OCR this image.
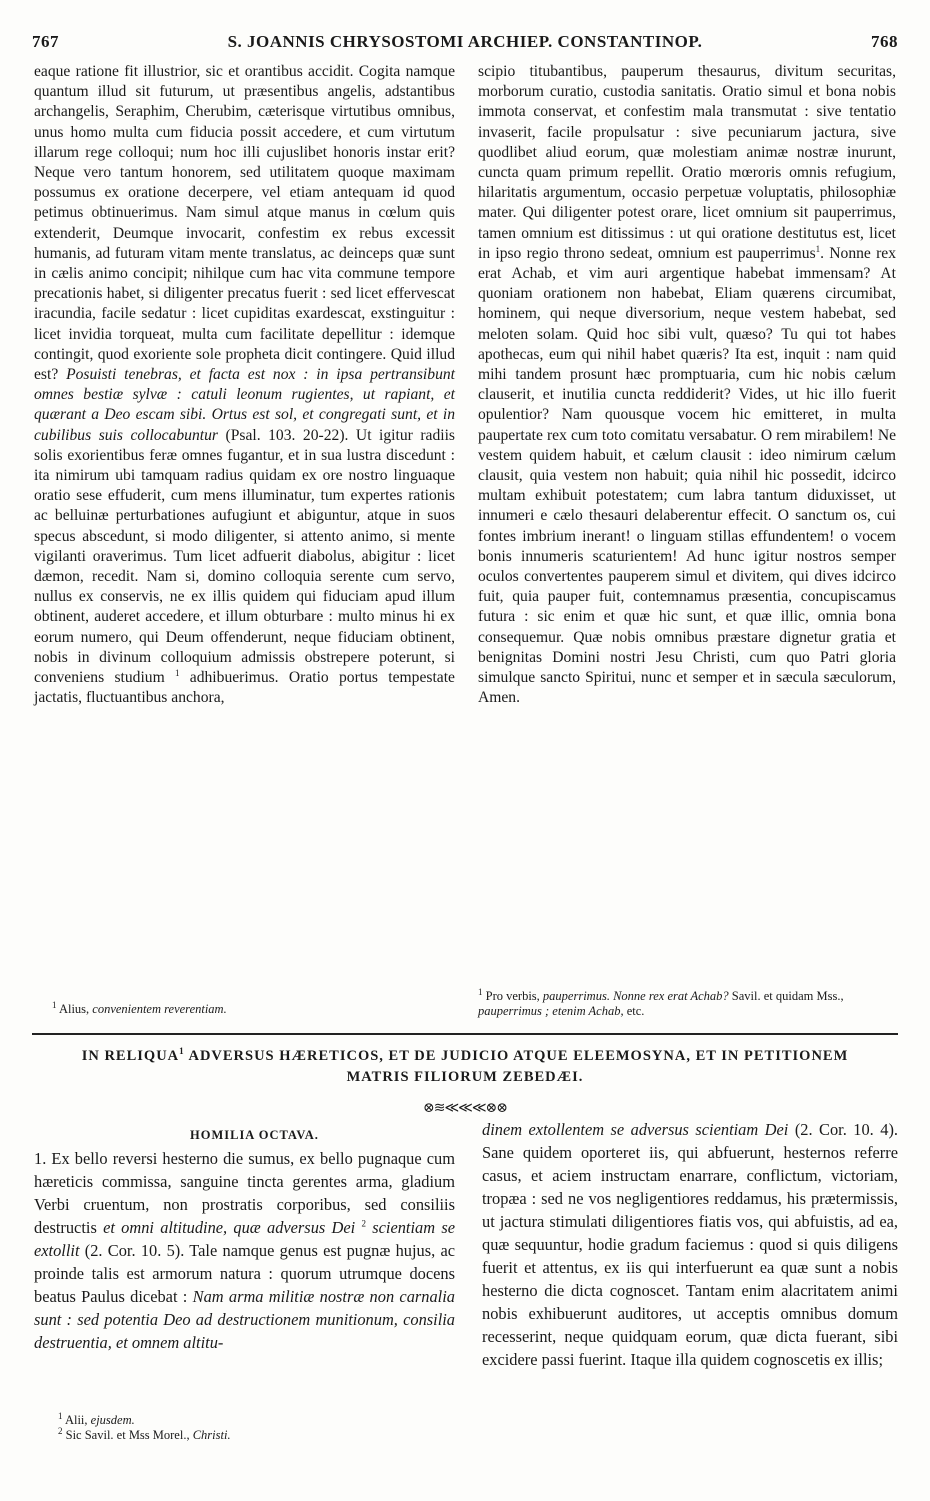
767	S. JOANNIS CHRYSOSTOMI ARCHIEP. CONSTANTINOP.	768

eaque ratione fit illustrior, sic et orantibus accidit. Cogita namque quantum illud sit futurum, ut præsentibus angelis, adstantibus archangelis, Seraphim, Cherubim, cæterisque virtutibus omnibus, unus homo multa cum fiducia possit accedere, et cum virtutum illarum rege colloqui; num hoc illi cujuslibet honoris instar erit? Neque vero tantum honorem, sed utilitatem quoque maximam possumus ex oratione decerpere, vel etiam antequam id quod petimus obtinuerimus. Nam simul atque manus in cœlum quis extenderit, Deumque invocarit, confestim ex rebus excessit humanis, ad futuram vitam mente translatus, ac deinceps quæ sunt in cælis animo concipit; nihilque cum hac vita commune tempore precationis habet, si diligenter precatus fuerit : sed licet effervescat iracundia, facile sedatur : licet cupiditas exardescat, exstinguitur : licet invidia torqueat, multa cum facilitate depellitur : idemque contingit, quod exoriente sole propheta dicit contingere. Quid illud est? Posuisti tenebras, et facta est nox : in ipsa pertransibunt omnes bestiæ sylvæ : catuli leonum rugientes, ut rapiant, et quærant a Deo escam sibi. Ortus est sol, et congregati sunt, et in cubilibus suis collocabuntur (Psal. 103. 20-22). Ut igitur radiis solis exorientibus feræ omnes fugantur, et in sua lustra discedunt : ita nimirum ubi tamquam radius quidam ex ore nostro linguaque oratio sese effuderit, cum mens illuminatur, tum expertes rationis ac belluinæ perturbationes aufugiunt et abiguntur, atque in suos specus abscedunt, si modo diligenter, si attento animo, si mente vigilanti oraverimus. Tum licet adfuerit diabolus, abigitur : licet dæmon, recedit. Nam si, domino colloquia serente cum servo, nullus ex conservis, ne ex illis quidem qui fiduciam apud illum obtinent, auderet accedere, et illum obturbare : multo minus hi ex eorum numero, qui Deum offenderunt, neque fiduciam obtinent, nobis in divinum colloquium admissis obstrepere poterunt, si conveniens studium $^1$ adhibuerimus. Oratio portus tempestate jactatis, fluctuantibus anchora,

$^1$ Alius, convenientem reverentiam.

scipio titubantibus, pauperum thesaurus, divitum securitas, morborum curatio, custodia sanitatis. Oratio simul et bona nobis immota conservat, et confestim mala transmutat : sive tentatio invaserit, facile propulsatur : sive pecuniarum jactura, sive quodlibet aliud eorum, quæ molestiam animæ nostræ inurunt, cuncta quam primum repellit. Oratio mœroris omnis refugium, hilaritatis argumentum, occasio perpetuæ voluptatis, philosophiæ mater. Qui diligenter potest orare, licet omnium sit pauperrimus, tamen omnium est ditissimus : ut qui oratione destitutus est, licet in ipso regio throno sedeat, omnium est pauperrimus$^1$. Nonne rex erat Achab, et vim auri argentique habebat immensam? At quoniam orationem non habebat, Eliam quærens circumibat, hominem, qui neque diversorium, neque vestem habebat, sed meloten solam. Quid hoc sibi vult, quæso? Tu qui tot habes apothecas, eum qui nihil habet quæris? Ita est, inquit : nam quid mihi tandem prosunt hæc promptuaria, cum hic nobis cælum clauserit, et inutilia cuncta reddiderit? Vides, ut hic illo fuerit opulentior? Nam quousque vocem hic emitteret, in multa paupertate rex cum toto comitatu versabatur. O rem mirabilem! Ne vestem quidem habuit, et cælum clausit : ideo nimirum cælum clausit, quia vestem non habuit; quia nihil hic possedit, idcirco multam exhibuit potestatem; cum labra tantum diduxisset, ut innumeri e cælo thesauri delaberentur effecit. O sanctum os, cui fontes imbrium inerant! o linguam stillas effundentem! o vocem bonis innumeris scaturientem! Ad hunc igitur nostros semper oculos convertentes pauperem simul et divitem, qui dives idcirco fuit, quia pauper fuit, contemnamus præsentia, concupiscamus futura : sic enim et quæ hic sunt, et quæ illic, omnia bona consequemur. Quæ nobis omnibus præstare dignetur gratia et benignitas Domini nostri Jesu Christi, cum quo Patri gloria simulque sancto Spiritui, nunc et semper et in sæcula sæculorum, Amen.

$^1$ Pro verbis, pauperrimus. Nonne rex erat Achab? Savil. et quidam Mss., pauperrimus ; etenim Achab, etc.
IN RELIQUA$^1$ ADVERSUS HÆRETICOS, ET DE JUDICIO ATQUE ELEEMOSYNA, ET IN PETITIONEM
MATRIS FILIORUM ZEBEDÆI.
⊗≋≪≪≪⊗⊗
HOMILIA OCTAVA.

1. Ex bello reversi hesterno die sumus, ex bello pugnaque cum hæreticis commissa, sanguine tincta gerentes arma, gladium Verbi cruentum, non prostratis corporibus, sed consiliis destructis et omni altitudine, quæ adversus Dei $^2$ scientiam se extollit (2. Cor. 10. 5). Tale namque genus est pugnæ hujus, ac proinde talis est armorum natura : quorum utrumque docens beatus Paulus dicebat : Nam arma militiæ nostræ non carnalia sunt : sed potentia Deo ad destructionem munitionum, consilia destruentia, et omnem altitu-

$^1$ Alii, ejusdem.
$^2$ Sic Savil. et Mss Morel., Christi.

dinem extollentem se adversus scientiam Dei (2. Cor. 10. 4). Sane quidem oporteret iis, qui abfuerunt, hesternos referre casus, et aciem instructam enarrare, conflictum, victoriam, tropæa : sed ne vos negligentiores reddamus, his prætermissis, ut jactura stimulati diligentiores fiatis vos, qui abfuistis, ad ea, quæ sequuntur, hodie gradum faciemus : quod si quis diligens fuerit et attentus, ex iis qui interfuerunt ea quæ sunt a nobis hesterno die dicta cognoscet. Tantam enim alacritatem animi nobis exhibuerunt auditores, ut acceptis omnibus domum recesserint, neque quidquam eorum, quæ dicta fuerant, sibi excidere passi fuerint. Itaque illa quidem cognoscetis ex illis;
